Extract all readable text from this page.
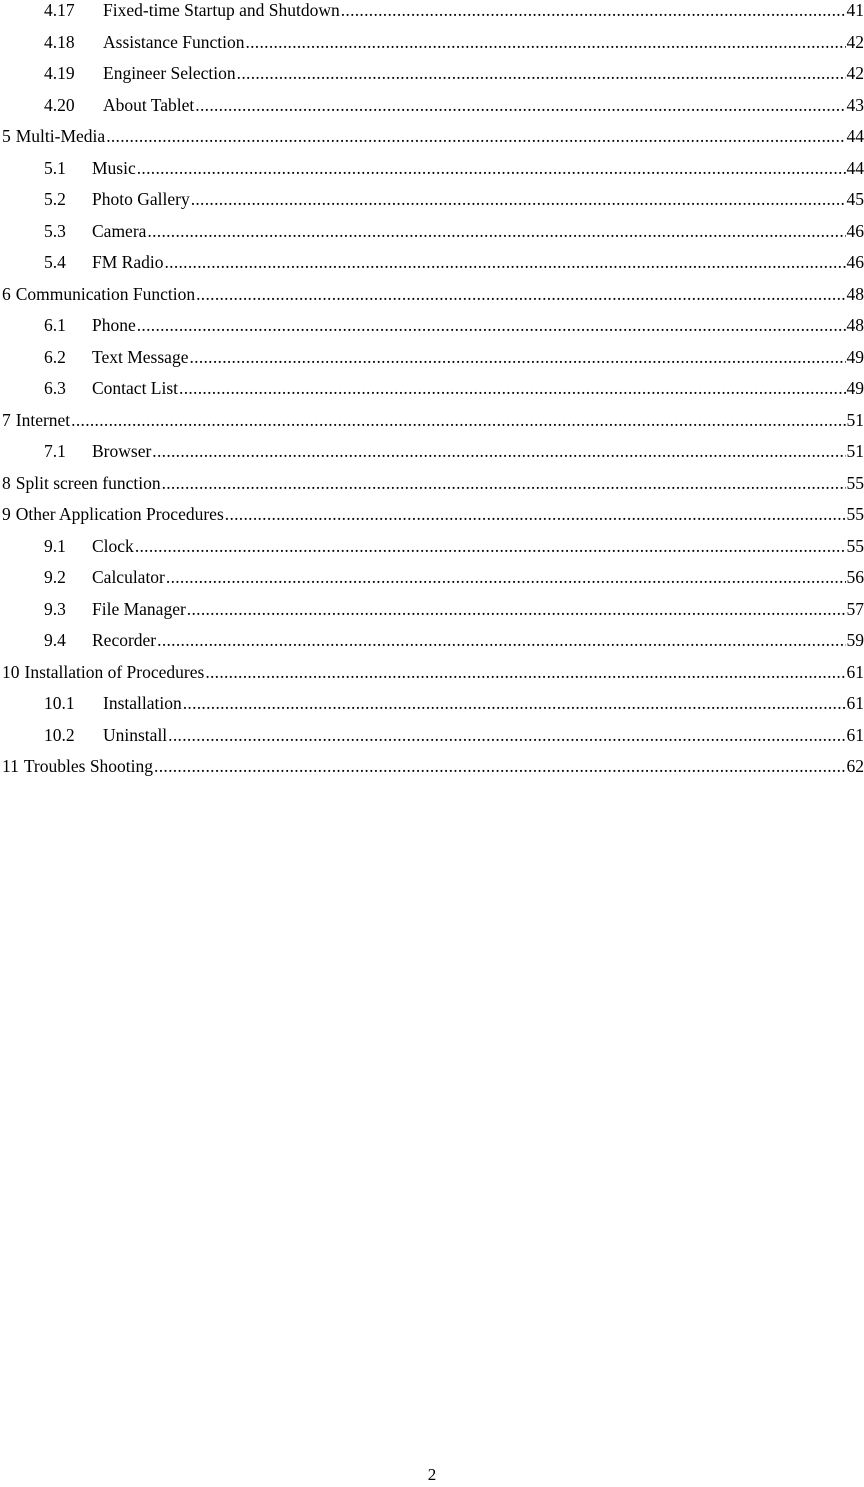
4.17	Fixed-time Startup and Shutdown .....	41
4.18	Assistance Function .....	42
4.19	Engineer Selection .....	42
4.20	About Tablet .....	43
5 Multi-Media .....	44
5.1	Music .....	44
5.2	Photo Gallery .....	45
5.3	Camera .....	46
5.4	FM Radio .....	46
6 Communication Function .....	48
6.1	Phone .....	48
6.2	Text Message .....	49
6.3	Contact List .....	49
7 Internet .....	51
7.1	Browser .....	51
8 Split screen function .....	55
9 Other Application Procedures .....	55
9.1	Clock .....	55
9.2	Calculator .....	56
9.3	File Manager .....	57
9.4	Recorder .....	59
10 Installation of Procedures .....	61
10.1	Installation .....	61
10.2	Uninstall .....	61
11 Troubles Shooting .....	62
2
